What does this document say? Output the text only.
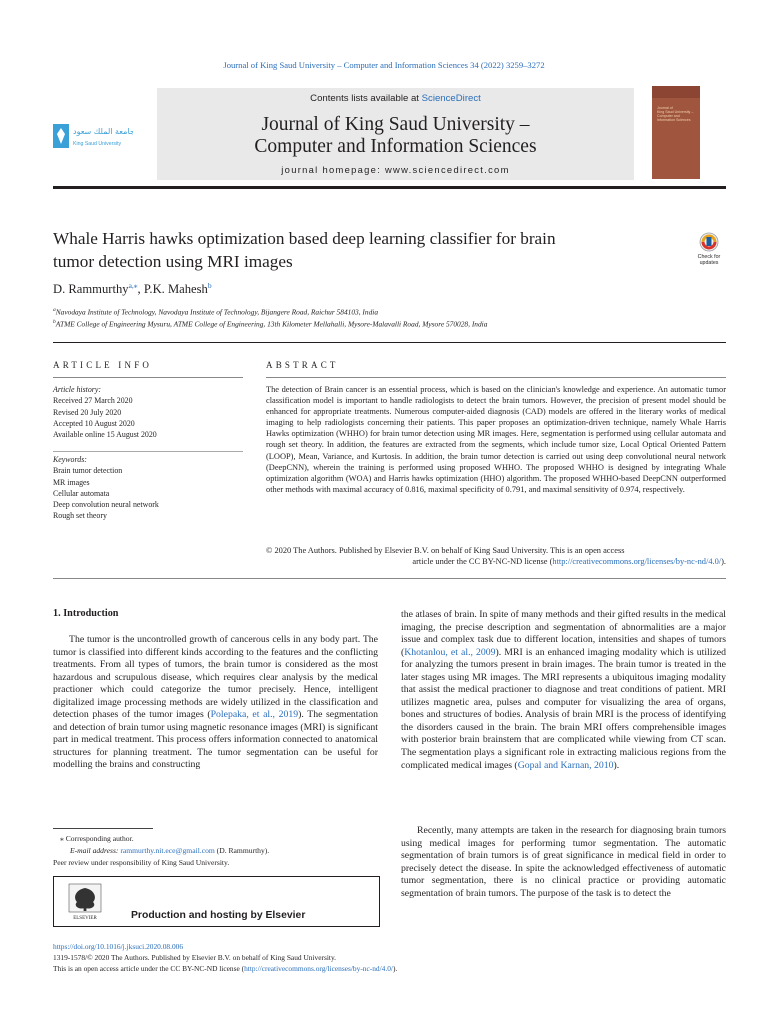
Journal of King Saud University – Computer and Information Sciences 34 (2022) 3259–3272
جامعة الملك سعود
King Saud University
Contents lists available at ScienceDirect
Journal of King Saud University –
Computer and Information Sciences
journal homepage: www.sciencedirect.com
Journal of
King Saud University –
Computer and
Information Sciences
Whale Harris hawks optimization based deep learning classifier for brain
tumor detection using MRI images	Check for
updates
D. Rammurthy$^{a,⁎}$, P.K. Mahesh$^b$
$^a$Navodaya Institute of Technology, Navodaya Institute of Technology, Bijangere Road, Raichur 584103, India
$^b$ATME College of Engineering Mysuru, ATME College of Engineering, 13th Kilometer Mellahalli, Mysore-Malavalli Road, Mysore 570028, India
ARTICLE INFO	ABSTRACT
Article history:
Received 27 March 2020
Revised 20 July 2020
Accepted 10 August 2020
Available online 15 August 2020
Keywords:
Brain tumor detection
MR images
Cellular automata
Deep convolution neural network
Rough set theory
The detection of Brain cancer is an essential process, which is based on the clinician's knowledge and experience. An automatic tumor classification model is important to handle radiologists to detect the brain tumors. However, the precision of present model should be enhanced for appropriate treatments. Numerous computer-aided diagnosis (CAD) models are offered in the literary works of medical imaging to help radiologists concerning their patients. This paper proposes an optimization-driven technique, namely Whale Harris Hawks optimization (WHHO) for brain tumor detection using MR images. Here, segmentation is performed using cellular automata and rough set theory. In addition, the features are extracted from the segments, which include tumor size, Local Optical Oriented Pattern (LOOP), Mean, Variance, and Kurtosis. In addition, the brain tumor detection is carried out using deep convolutional neural network (DeepCNN), wherein the training is performed using proposed WHHO. The proposed WHHO is designed by integrating Whale optimization algorithm (WOA) and Harris hawks optimization (HHO) algorithm. The proposed WHHO-based DeepCNN outperformed other methods with maximal accuracy of 0.816, maximal specificity of 0.791, and maximal sensitivity of 0.974, respectively.
© 2020 The Authors. Published by Elsevier B.V. on behalf of King Saud University. This is an open access
article under the CC BY-NC-ND license (http://creativecommons.org/licenses/by-nc-nd/4.0/).
1. Introduction
The tumor is the uncontrolled growth of cancerous cells in any body part. The tumor is classified into different kinds according to the features and the conflicting treatments. From all types of tumors, the brain tumor is considered as the most hazardous and scrupulous disease, which requires clear analysis by the medical practioner which could categorize the tumor precisely. Hence, intelligent digitalized image processing methods are widely utilized in the classification and detection phases of the tumor images (Polepaka, et al., 2019). The segmentation and detection of brain tumor using magnetic resonance images (MRI) is significant part in medical treatment. This process offers information connected to anatomical structures for planning treatment. The tumor segmentation can be useful for modelling the brains and constructing
the atlases of brain. In spite of many methods and their gifted results in the medical imaging, the precise description and segmentation of abnormalities are a major issue and complex task due to different location, intensities and shapes of tumors (Khotanlou, et al., 2009). MRI is an enhanced imaging modality which is utilized for analyzing the tumors present in brain images. The brain tumor is treated in the later stages using MR images. The MRI represents a ubiquitous imaging modality that assist the medical practioner to diagnose and treat conditions of patient. MRI utilizes magnetic area, pulses and computer for visualizing the area of organs, bones and structures of bodies. Analysis of brain MRI is the process of identifying the disorders caused in the brain. The brain MRI offers comprehensible images with posterior brain brainstem that are complicated while viewing from CT scan. The segmentation plays a significant role in extracting malicious regions from the complicated medical images (Gopal and Karnan, 2010).
Recently, many attempts are taken in the research for diagnosing brain tumors using medical images for performing tumor segmentation. The automatic segmentation of brain tumors is of great significance in medical field in order to precisely detect the disease. In spite the acknowledged effectiveness of automatic tumor segmentation, there is no clinical practice or providing automatic segmentation of brain tumors. The purpose of the task is to detect the
⁎ Corresponding author.
E-mail address: rammurthy.nit.ece@gmail.com (D. Rammurthy).
Peer review under responsibility of King Saud University.
ELSEVIER	Production and hosting by Elsevier
https://doi.org/10.1016/j.jksuci.2020.08.006
1319-1578/© 2020 The Authors. Published by Elsevier B.V. on behalf of King Saud University.
This is an open access article under the CC BY-NC-ND license (http://creativecommons.org/licenses/by-nc-nd/4.0/).
